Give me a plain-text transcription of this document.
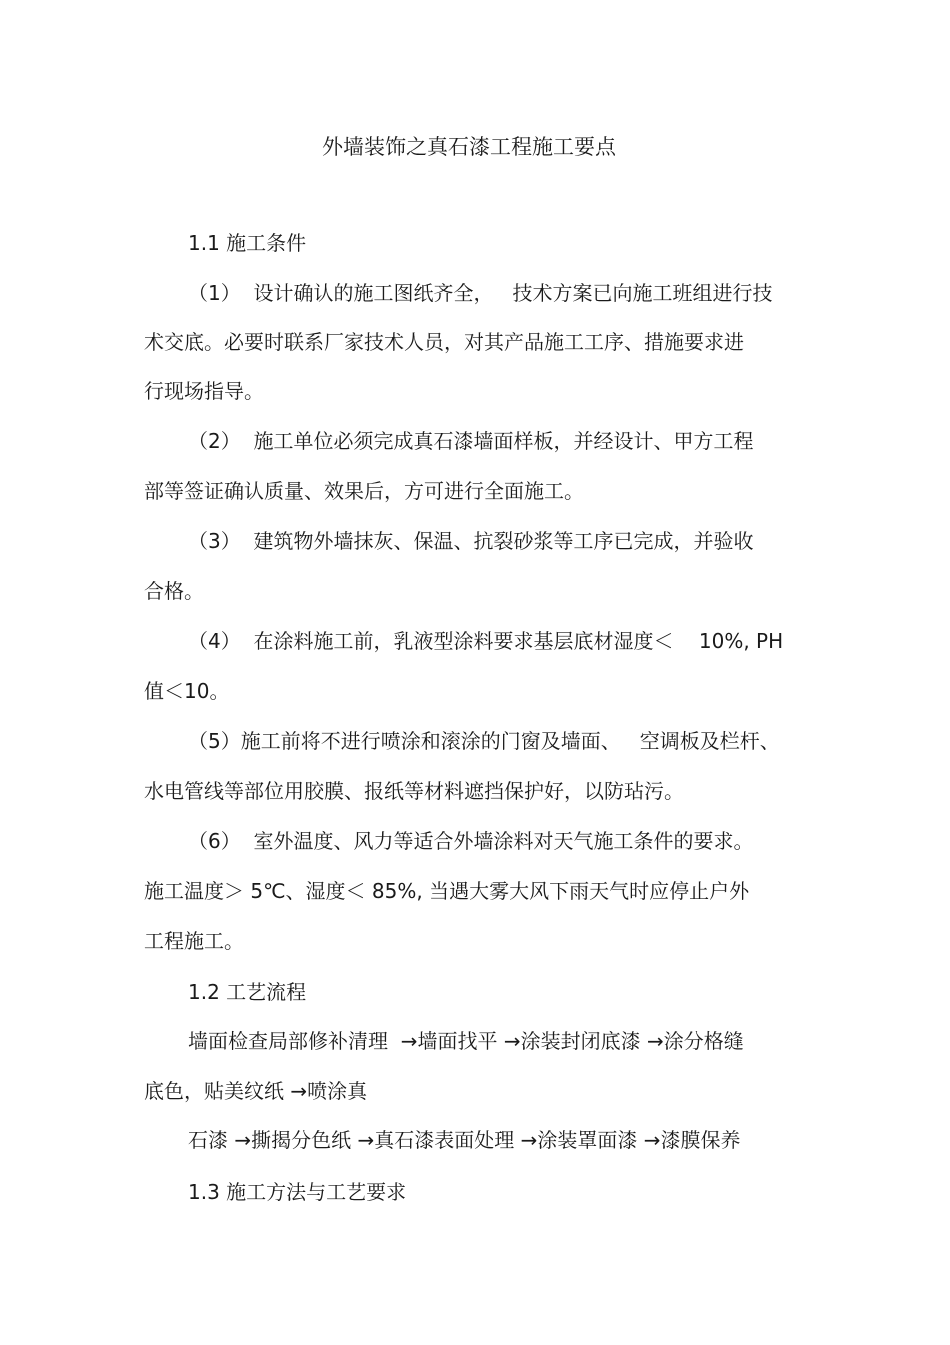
外墙装饰之真石漆工程施工要点
1.1 施工条件
（1）  设计确认的施工图纸齐全，   技术方案已向施工班组进行技
术交底。必要时联系厂家技术人员，对其产品施工工序、措施要求进
行现场指导。
（2）  施工单位必须完成真石漆墙面样板，并经设计、甲方工程
部等签证确认质量、效果后，方可进行全面施工。
（3）  建筑物外墙抹灰、保温、抗裂砂浆等工序已完成，并验收
合格。
（4）  在涂料施工前，乳液型涂料要求基层底材湿度＜    10%, PH
值＜10。
（5）施工前将不进行喷涂和滚涂的门窗及墙面、   空调板及栏杆、
水电管线等部位用胶膜、报纸等材料遮挡保护好，以防玷污。
（6）  室外温度、风力等适合外墙涂料对天气施工条件的要求。
施工温度＞ 5℃、湿度＜ 85%, 当遇大雾大风下雨天气时应停止户外
工程施工。
1.2 工艺流程
墙面检查局部修补清理  →墙面找平 →涂装封闭底漆 →涂分格缝
底色，贴美纹纸 →喷涂真
石漆 →撕揭分色纸 →真石漆表面处理 →涂装罩面漆 →漆膜保养
1.3 施工方法与工艺要求
